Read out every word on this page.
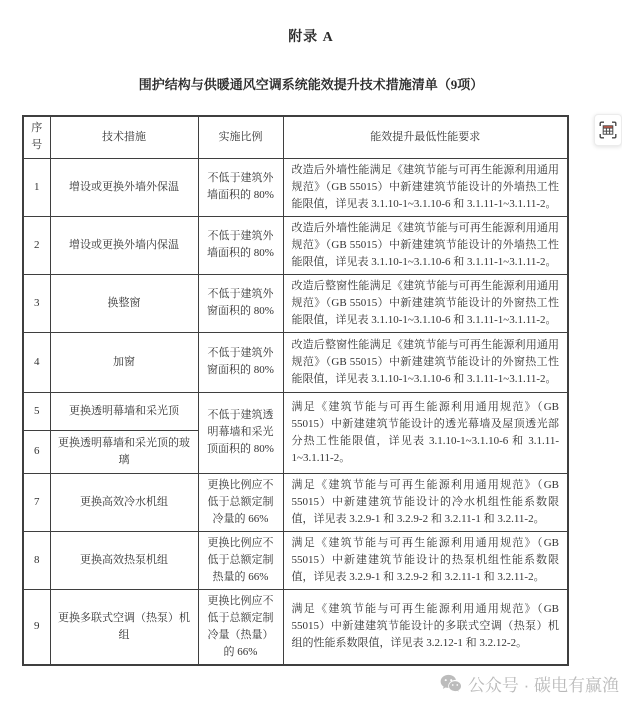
附录 A
围护结构与供暖通风空调系统能效提升技术措施清单（9项）
序号	技术措施	实施比例	能效提升最低性能要求
1	增设或更换外墙外保温	不低于建筑外墙面积的 80%	改造后外墙性能满足《建筑节能与可再生能源利用通用规范》（GB 55015）中新建建筑节能设计的外墙热工性能限值，详见表 3.1.10-1~3.1.10-6 和 3.1.11-1~3.1.11-2。
2	增设或更换外墙内保温	不低于建筑外墙面积的 80%	改造后外墙性能满足《建筑节能与可再生能源利用通用规范》（GB 55015）中新建建筑节能设计的外墙热工性能限值，详见表 3.1.10-1~3.1.10-6 和 3.1.11-1~3.1.11-2。
3	换整窗	不低于建筑外窗面积的 80%	改造后整窗性能满足《建筑节能与可再生能源利用通用规范》（GB 55015）中新建建筑节能设计的外窗热工性能限值，详见表 3.1.10-1~3.1.10-6 和 3.1.11-1~3.1.11-2。
4	加窗	不低于建筑外窗面积的 80%	改造后整窗性能满足《建筑节能与可再生能源利用通用规范》（GB 55015）中新建建筑节能设计的外窗热工性能限值，详见表 3.1.10-1~3.1.10-6 和 3.1.11-1~3.1.11-2。
5	更换透明幕墙和采光顶	不低于建筑透明幕墙和采光顶面积的 80%	满足《建筑节能与可再生能源利用通用规范》（GB 55015）中新建建筑节能设计的透光幕墙及屋顶透光部分热工性能限值，详见表 3.1.10-1~3.1.10-6 和 3.1.11-1~3.1.11-2。
6	更换透明幕墙和采光顶的玻璃		
7	更换高效冷水机组	更换比例应不低于总额定制冷量的 66%	满足《建筑节能与可再生能源利用通用规范》（GB 55015）中新建建筑节能设计的冷水机组性能系数限值，详见表 3.2.9-1 和 3.2.9-2 和 3.2.11-1 和 3.2.11-2。
8	更换高效热泵机组	更换比例应不低于总额定制热量的 66%	满足《建筑节能与可再生能源利用通用规范》（GB 55015）中新建建筑节能设计的热泵机组性能系数限值，详见表 3.2.9-1 和 3.2.9-2 和 3.2.11-1 和 3.2.11-2。
9	更换多联式空调（热泵）机组	更换比例应不低于总额定制冷量（热量）的 66%	满足《建筑节能与可再生能源利用通用规范》（GB 55015）中新建建筑节能设计的多联式空调（热泵）机组的性能系数限值，详见表 3.2.12-1 和 3.2.12-2。
公众号 · 碳电有赢渔
